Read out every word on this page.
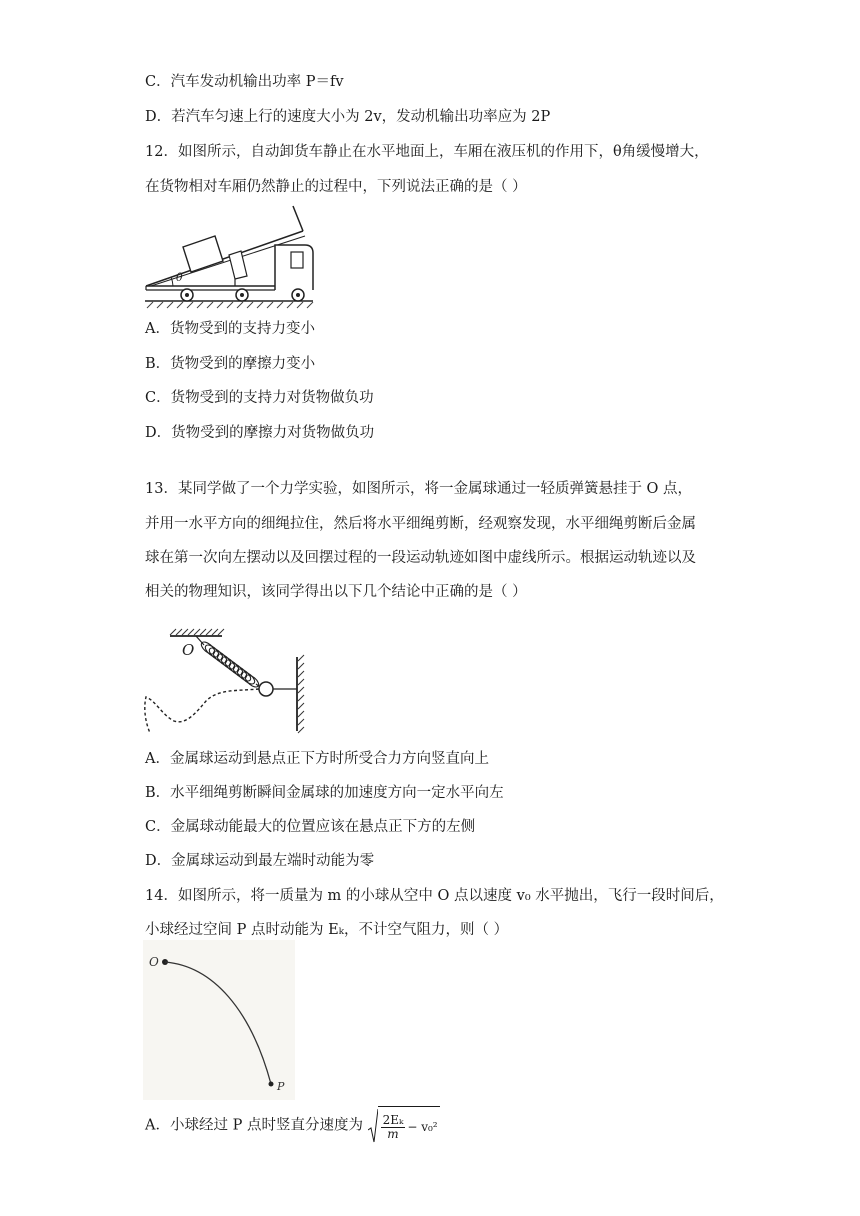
C．汽车发动机输出功率 P＝fv
D．若汽车匀速上行的速度大小为 2v，发动机输出功率应为 2P
12．如图所示，自动卸货车静止在水平地面上，车厢在液压机的作用下，θ角缓慢增大，
在货物相对车厢仍然静止的过程中，下列说法正确的是（ ）
θ
A．货物受到的支持力变小
B．货物受到的摩擦力变小
C．货物受到的支持力对货物做负功
D．货物受到的摩擦力对货物做负功
13．某同学做了一个力学实验，如图所示，将一金属球通过一轻质弹簧悬挂于 O 点，
并用一水平方向的细绳拉住，然后将水平细绳剪断，经观察发现，水平细绳剪断后金属
球在第一次向左摆动以及回摆过程的一段运动轨迹如图中虚线所示。根据运动轨迹以及
相关的物理知识，该同学得出以下几个结论中正确的是（ ）
O
A．金属球运动到悬点正下方时所受合力方向竖直向上
B．水平细绳剪断瞬间金属球的加速度方向一定水平向左
C．金属球动能最大的位置应该在悬点正下方的左侧
D．金属球运动到最左端时动能为零
14．如图所示，将一质量为 m 的小球从空中 O 点以速度 v₀ 水平抛出，飞行一段时间后，
小球经过空间 P 点时动能为 Eₖ，不计空气阻力，则（ ）
O
P
A．小球经过 P 点时竖直分速度为 $\frac{\text{2Eₖ}}{m} - v_0^2$
